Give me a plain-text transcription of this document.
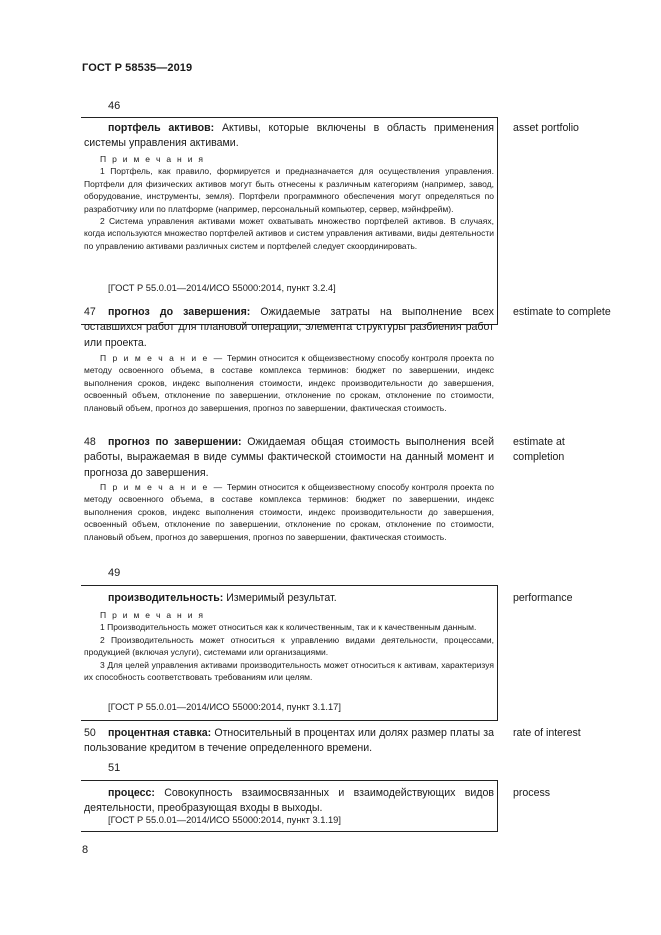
ГОСТ Р 58535—2019
46
портфель активов: Активы, которые включены в область применения системы управления активами.

П р и м е ч а н и я

1 Портфель, как правило, формируется и предназначается для осуществления управления. Портфели для физических активов могут быть отнесены к различным категориям (например, завод, оборудование, инструменты, земля). Портфели программного обеспечения могут определяться по разработчику или по платформе (например, персональный компьютер, сервер, мэйнфрейм).

2 Система управления активами может охватывать множество портфелей активов. В случаях, когда используются множество портфелей активов и систем управления активами, виды деятельности по управлению активами различных систем и портфелей следует скоординировать.

[ГОСТ Р 55.0.01—2014/ИСО 55000:2014, пункт 3.2.4]
asset portfolio
47 прогноз до завершения: Ожидаемые затраты на выполнение всех оставшихся работ для плановой операции, элемента структуры разбиения работ или проекта.

П р и м е ч а н и е — Термин относится к общеизвестному способу контроля проекта по методу освоенного объема, в составе комплекса терминов: бюджет по завершении, индекс выполнения сроков, индекс выполнения стоимости, индекс производительности до завершения, освоенный объем, отклонение по завершении, отклонение по срокам, отклонение по стоимости, плановый объем, прогноз до завершения, прогноз по завершении, фактическая стоимость.

estimate to complete
48 прогноз по завершении: Ожидаемая общая стоимость выполнения всей работы, выражаемая в виде суммы фактической стоимости на данный момент и прогноза до завершения.

П р и м е ч а н и е — Термин относится к общеизвестному способу контроля проекта по методу освоенного объема, в составе комплекса терминов: бюджет по завершении, индекс выполнения сроков, индекс выполнения стоимости, индекс производительности до завершения, освоенный объем, отклонение по завершении, отклонение по срокам, отклонение по стоимости, плановый объем, прогноз до завершения, прогноз по завершении, фактическая стоимость.

estimate at completion
49
производительность: Измеримый результат.

П р и м е ч а н и я

1 Производительность может относиться как к количественным, так и к качественным данным.

2 Производительность может относиться к управлению видами деятельности, процессами, продукцией (включая услуги), системами или организациями.

3 Для целей управления активами производительность может относиться к активам, характеризуя их способность соответствовать требованиям или целям.

[ГОСТ Р 55.0.01—2014/ИСО 55000:2014, пункт 3.1.17]
performance
50 процентная ставка: Относительный в процентах или долях размер платы за пользование кредитом в течение определенного времени.
rate of interest
51
процесс: Совокупность взаимосвязанных и взаимодействующих видов деятельности, преобразующая входы в выходы.
[ГОСТ Р 55.0.01—2014/ИСО 55000:2014, пункт 3.1.19]
process
8
